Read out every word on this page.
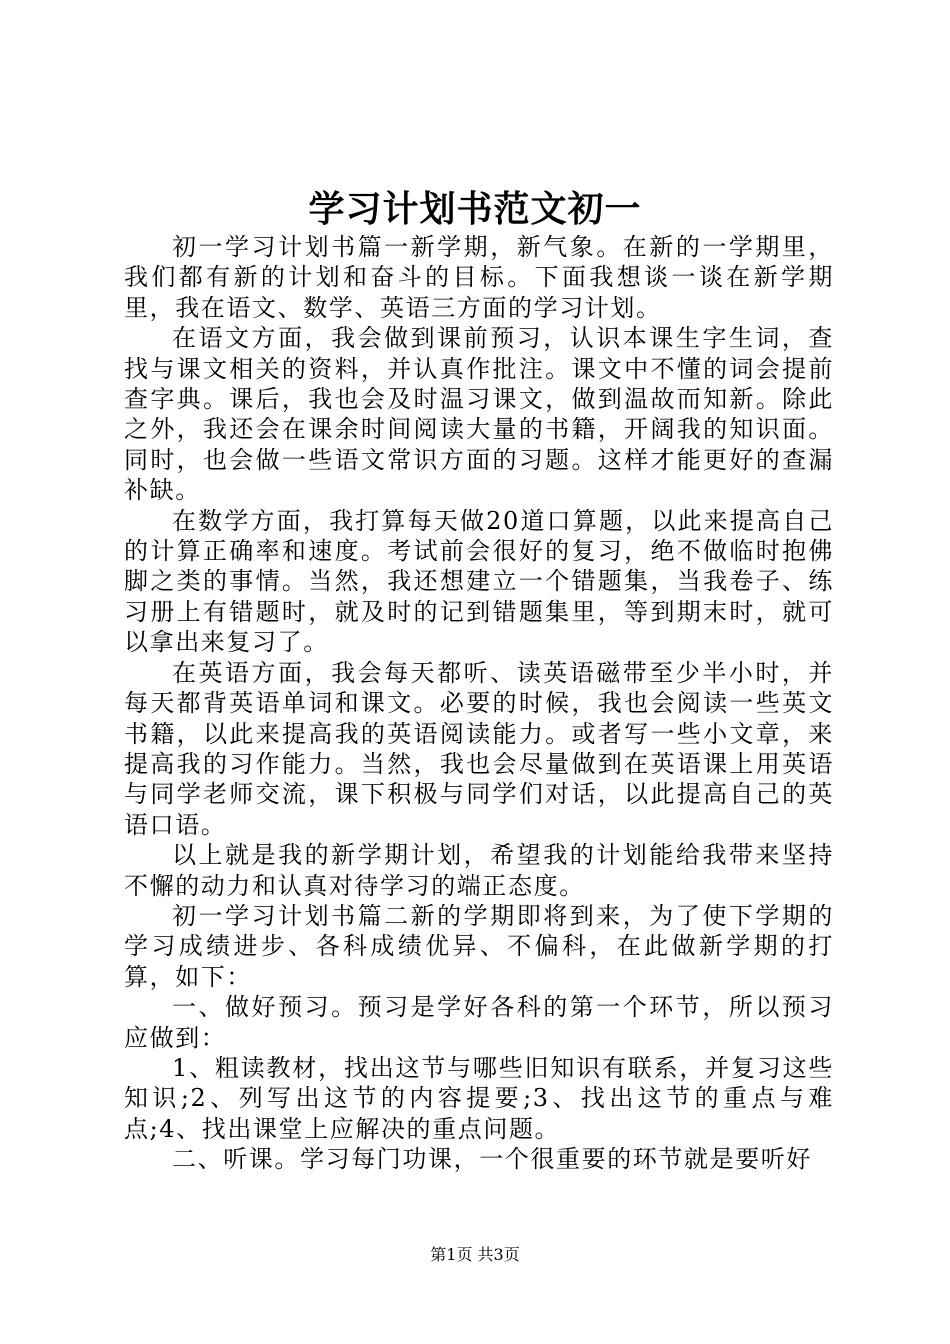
学习计划书范文初一

初一学习计划书篇一新学期，新气象。在新的一学期里，我们都有新的计划和奋斗的目标。下面我想谈一谈在新学期里，我在语文、数学、英语三方面的学习计划。

在语文方面，我会做到课前预习，认识本课生字生词，查找与课文相关的资料，并认真作批注。课文中不懂的词会提前查字典。课后，我也会及时温习课文，做到温故而知新。除此之外，我还会在课余时间阅读大量的书籍，开阔我的知识面。同时，也会做一些语文常识方面的习题。这样才能更好的查漏补缺。

在数学方面，我打算每天做20道口算题，以此来提高自己的计算正确率和速度。考试前会很好的复习，绝不做临时抱佛脚之类的事情。当然，我还想建立一个错题集，当我卷子、练习册上有错题时，就及时的记到错题集里，等到期末时，就可以拿出来复习了。

在英语方面，我会每天都听、读英语磁带至少半小时，并每天都背英语单词和课文。必要的时候，我也会阅读一些英文书籍，以此来提高我的英语阅读能力。或者写一些小文章，来提高我的习作能力。当然，我也会尽量做到在英语课上用英语与同学老师交流，课下积极与同学们对话，以此提高自己的英语口语。

以上就是我的新学期计划，希望我的计划能给我带来坚持不懈的动力和认真对待学习的端正态度。

初一学习计划书篇二新的学期即将到来，为了使下学期的学习成绩进步、各科成绩优异、不偏科，在此做新学期的打算，如下：

一、做好预习。预习是学好各科的第一个环节，所以预习应做到：

1、粗读教材，找出这节与哪些旧知识有联系，并复习这些知识;2、列写出这节的内容提要;3、找出这节的重点与难点;4、找出课堂上应解决的重点问题。

二、听课。学习每门功课，一个很重要的环节就是要听好

第1页 共3页
